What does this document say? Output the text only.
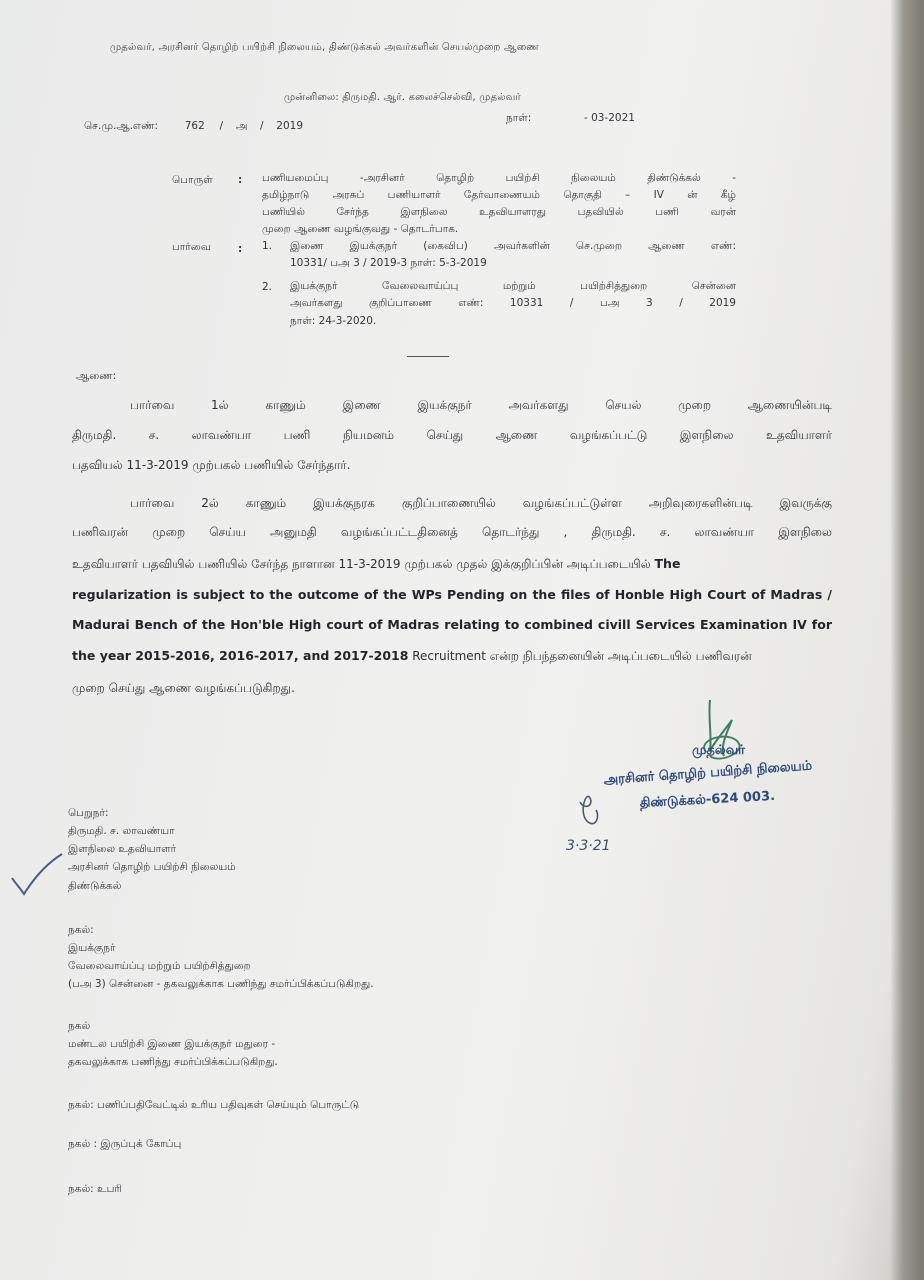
முதல்வர், அரசினர் தொழிற் பயிற்சி நிலையம், திண்டுக்கல் அவர்களின் செயல்முறை ஆணை
முன்னிலை: திருமதி. ஆர். கலைச்செல்வி, முதல்வர்
செ.மு.ஆ.எண்:	762 / அ / 2019
நாள்:	- 03-2021
பொருள் : பணியமைப்பு -அரசினர் தொழிற் பயிற்சி நிலையம் திண்டுக்கல் -
தமிழ்நாடு அரசுப் பணியாளர் தேர்வாணையம் தொகுதி – IV ன் கீழ்
பணியில் சேர்ந்த இளநிலை உதவியாளரது பதவியில் பணி வரன்
முறை ஆணை வழங்குவது - தொடர்பாக.
பார்வை	: 1. இணை இயக்குநர் (கைவிப) அவர்களின் செ.முறை ஆணை எண்:
10331/ பஅ 3 / 2019-3 நாள்: 5-3-2019
2. இயக்குநர் வேலைவாய்ப்பு மற்றும் பயிற்சித்துறை சென்னை
அவர்களது குறிப்பாணை எண்: 10331 / பஅ 3 / 2019
நாள்: 24-3-2020.
ஆணை:
பார்வை 1ல் காணும் இணை இயக்குநர் அவர்களது செயல் முறை ஆணையின்படி
திருமதி. ச. லாவண்யா பணி நியமனம் செய்து ஆணை வழங்கப்பட்டு இளநிலை உதவியாளர்
பதவியல் 11-3-2019 முற்பகல் பணியில் சேர்ந்தார்.
பார்வை 2ல் காணும் இயக்குநரக குறிப்பாணையில் வழங்கப்பட்டுள்ள அறிவுரைகளின்படி இவருக்கு
பணிவரன் முறை செய்ய அனுமதி வழங்கப்பட்டதினைத் தொடர்ந்து , திருமதி. ச. லாவண்யா இளநிலை
உதவியாளர் பதவியில் பணியில் சேர்ந்த நாளான 11-3-2019 முற்பகல் முதல் இக்குறிப்பின் அடிப்படையில் The
regularization is subject to the outcome of the WPs Pending on the files of Honble High Court of Madras /
Madurai Bench of the Hon'ble High court of Madras relating to combined civill Services Examination IV for
the year 2015-2016, 2016-2017, and 2017-2018 Recruitment என்ற நிபந்தனையின் அடிப்படையில் பணிவரன்
முறை செய்து ஆணை வழங்கப்படுகிறது.
முதல்வர்
அரசினர் தொழிற் பயிற்சி நிலையம்
திண்டுக்கல்-624 003.
3·3·21
பெறுநர்:
திருமதி. ச. லாவண்யா
இளநிலை உதவியாளர்
அரசினர் தொழிற் பயிற்சி நிலையம்
திண்டுக்கல்
நகல்:
இயக்குநர்
வேலைவாய்ப்பு மற்றும் பயிற்சித்துறை
(பஅ 3) சென்னை - தகவலுக்காக பணிந்து சமர்ப்பிக்கப்படுகிறது.
நகல்
மண்டல பயிற்சி இணை இயக்குநர் மதுரை -
தகவலுக்காக பணிந்து சமர்ப்பிக்கப்படுகிறது.
நகல்: பணிப்பதிவேட்டில் உரிய பதிவுகள் செய்யும் பொருட்டு
நகல் : இருப்புக் கோப்பு
நகல்: உபரி
